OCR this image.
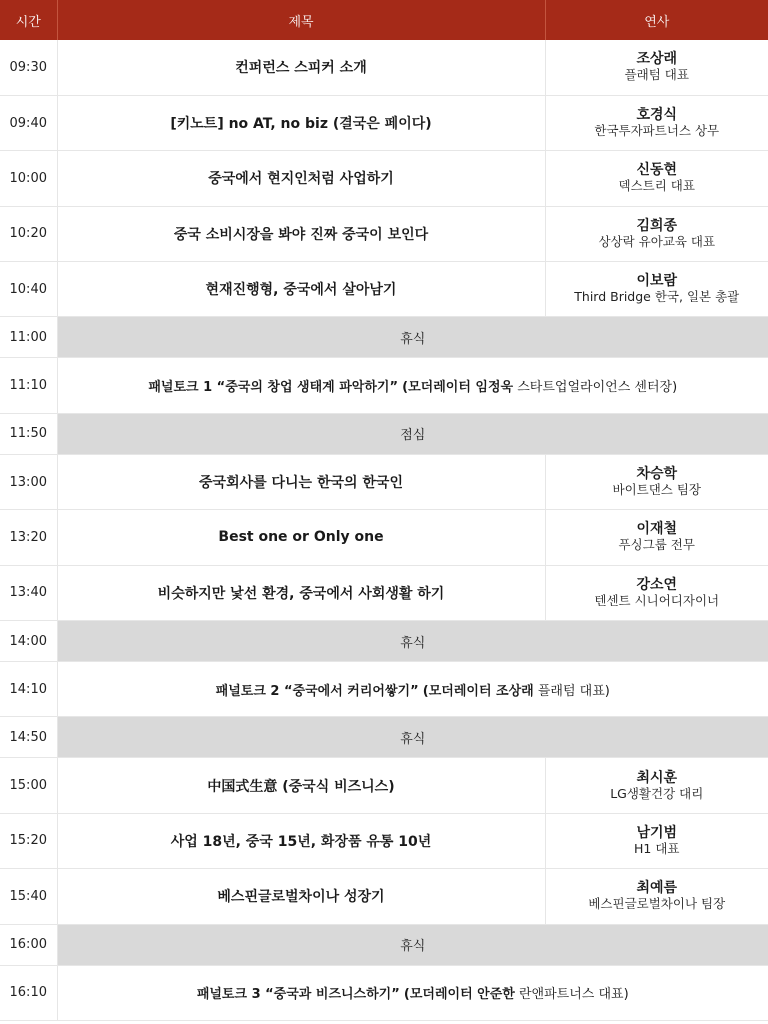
시간	제목	연사
09:30	컨퍼런스 스피커 소개	조상래
플래텀 대표

09:40	[키노트] no AT, no biz (결국은 페이다)	호경식
한국투자파트너스 상무

10:00	중국에서 현지인처럼 사업하기	신동현
덱스트리 대표

10:20	중국 소비시장을 봐야 진짜 중국이 보인다	김희종
상상락 유아교육 대표

10:40	현재진행형, 중국에서 살아남기	이보람
Third Bridge 한국, 일본 총괄

11:00	휴식	
11:10	패널토크 1 “중국의 창업 생태계 파악하기” (모더레이터 임정욱 스타트업얼라이언스 센터장)	
11:50	점심	
13:00	중국회사를 다니는 한국의 한국인	차승학
바이트댄스 팀장

13:20	Best one or Only one	이재철
푸싱그룹 전무

13:40	비슷하지만 낯선 환경, 중국에서 사회생활 하기	강소연
텐센트 시니어디자이너

14:00	휴식	
14:10	패널토크 2 “중국에서 커리어쌓기” (모더레이터 조상래 플래텀 대표)	
14:50	휴식	
15:00	中国式生意 (중국식 비즈니스)	최시훈
LG생활건강 대리

15:20	사업 18년, 중국 15년, 화장품 유통 10년	남기범
H1 대표

15:40	베스핀글로벌차이나 성장기	최예름
베스핀글로벌차이나 팀장

16:00	휴식	
16:10	패널토크 3 “중국과 비즈니스하기” (모더레이터 안준한 란앤파트너스 대표)	
